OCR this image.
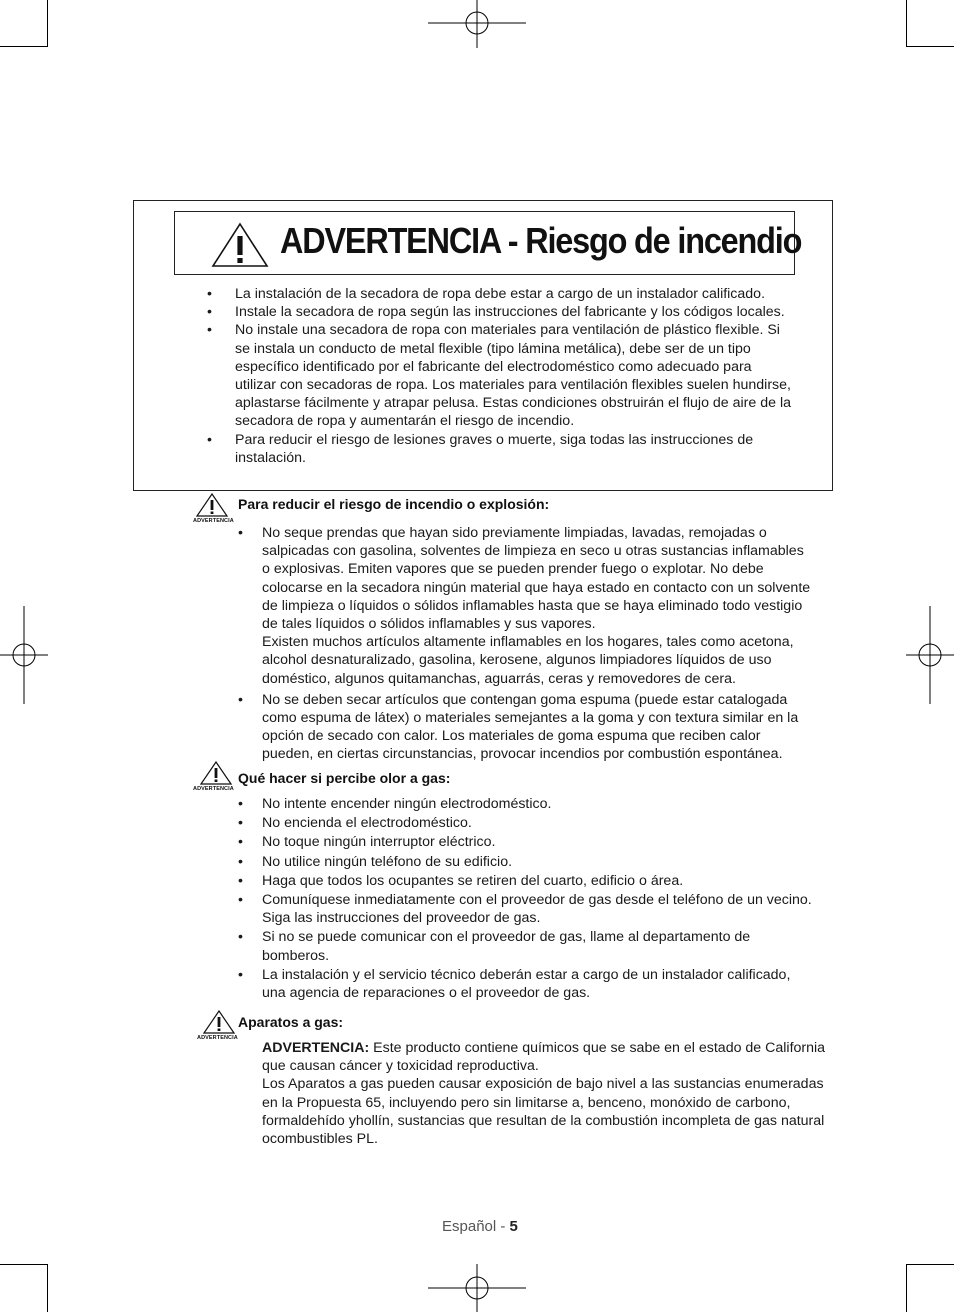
ADVERTENCIA - Riesgo de incendio
• La instalación de la secadora de ropa debe estar a cargo de un instalador calificado.
• Instale la secadora de ropa según las instrucciones del fabricante y los códigos locales.
• No instale una secadora de ropa con materiales para ventilación de plástico flexible. Si se instala un conducto de metal flexible (tipo lámina metálica), debe ser de un tipo específico identificado por el fabricante del electrodoméstico como adecuado para utilizar con secadoras de ropa. Los materiales para ventilación flexibles suelen hundirse, aplastarse fácilmente y atrapar pelusa. Estas condiciones obstruirán el flujo de aire de la secadora de ropa y aumentarán el riesgo de incendio.
• Para reducir el riesgo de lesiones graves o muerte, siga todas las instrucciones de instalación.
ADVERTENCIA
Para reducir el riesgo de incendio o explosión:
• No seque prendas que hayan sido previamente limpiadas, lavadas, remojadas o salpicadas con gasolina, solventes de limpieza en seco u otras sustancias inflamables o explosivas. Emiten vapores que se pueden prender fuego o explotar. No debe colocarse en la secadora ningún material que haya estado en contacto con un solvente de limpieza o líquidos o sólidos inflamables hasta que se haya eliminado todo vestigio de tales líquidos o sólidos inflamables y sus vapores.

Existen muchos artículos altamente inflamables en los hogares, tales como acetona, alcohol desnaturalizado, gasolina, kerosene, algunos limpiadores líquidos de uso doméstico, algunos quitamanchas, aguarrás, ceras y removedores de cera.

• No se deben secar artículos que contengan goma espuma (puede estar catalogada como espuma de látex) o materiales semejantes a la goma y con textura similar en la opción de secado con calor. Los materiales de goma espuma que reciben calor pueden, en ciertas circunstancias, provocar incendios por combustión espontánea.

ADVERTENCIA
Qué hacer si percibe olor a gas:
• No intente encender ningún electrodoméstico.
• No encienda el electrodoméstico.
• No toque ningún interruptor eléctrico.
• No utilice ningún teléfono de su edificio.
• Haga que todos los ocupantes se retiren del cuarto, edificio o área.
• Comuníquese inmediatamente con el proveedor de gas desde el teléfono de un vecino. Siga las instrucciones del proveedor de gas.
• Si no se puede comunicar con el proveedor de gas, llame al departamento de bomberos.
• La instalación y el servicio técnico deberán estar a cargo de un instalador calificado, una agencia de reparaciones o el proveedor de gas.
ADVERTENCIA
Aparatos a gas:

ADVERTENCIA: Este producto contiene químicos que se sabe en el estado de California que causan cáncer y toxicidad reproductiva.

Los Aparatos a gas pueden causar exposición de bajo nivel a las sustancias enumeradas en la Propuesta 65, incluyendo pero sin limitarse a, benceno, monóxido de carbono, formaldehído yhollín, sustancias que resultan de la combustión incompleta de gas natural ocombustibles PL.

Español - 5
